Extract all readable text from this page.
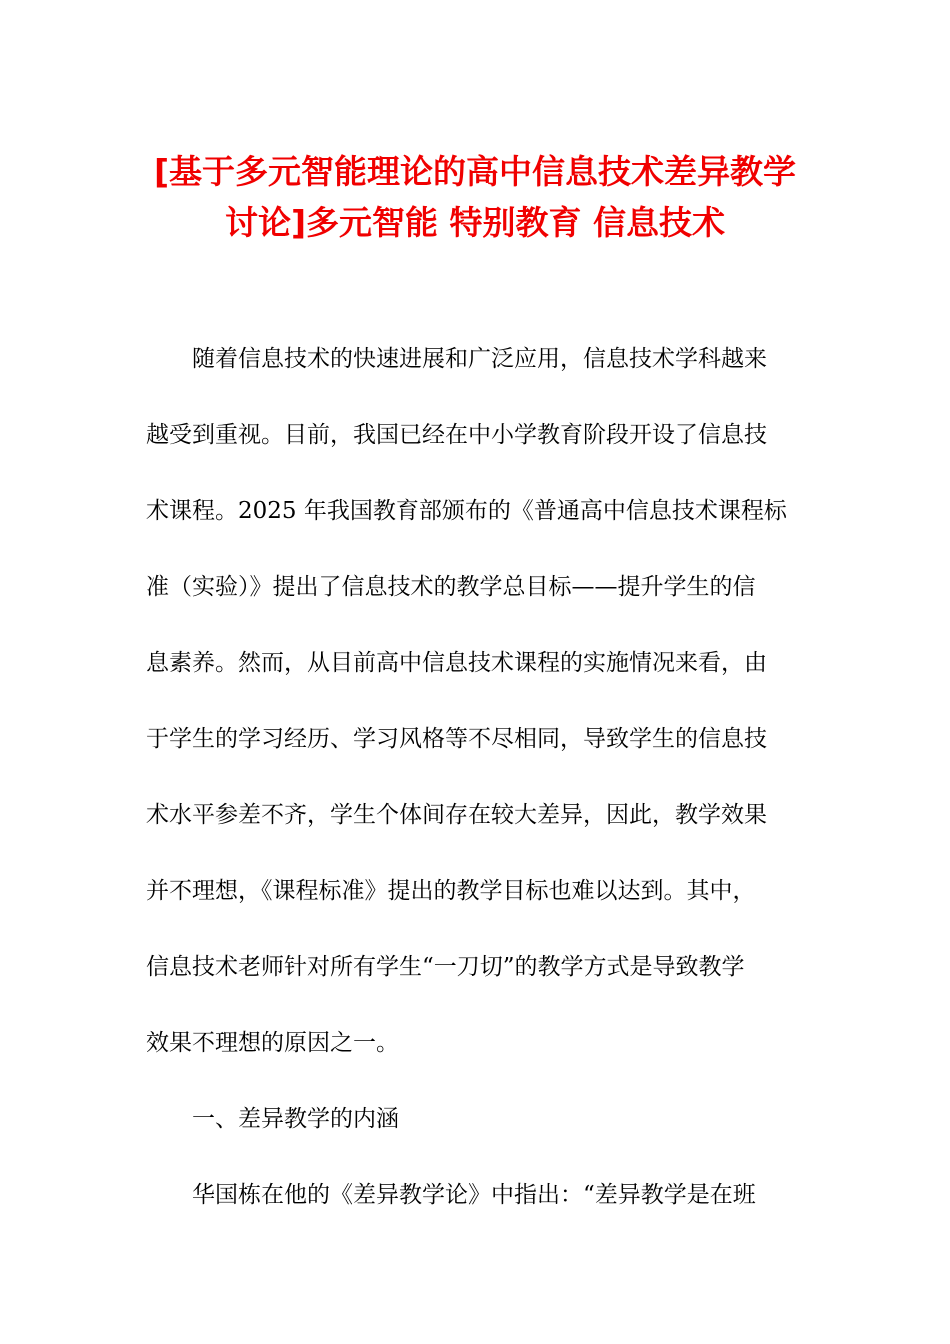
[基于多元智能理论的高中信息技术差异教学
讨论]多元智能 特别教育 信息技术
随着信息技术的快速进展和广泛应用，信息技术学科越来
越受到重视。目前，我国已经在中小学教育阶段开设了信息技
术课程。2025 年我国教育部颁布的《普通高中信息技术课程标
准（实验）》提出了信息技术的教学总目标——提升学生的信
息素养。然而，从目前高中信息技术课程的实施情况来看，由
于学生的学习经历、学习风格等不尽相同，导致学生的信息技
术水平参差不齐，学生个体间存在较大差异，因此，教学效果
并不理想，《课程标准》提出的教学目标也难以达到。其中，
信息技术老师针对所有学生“一刀切”的教学方式是导致教学
效果不理想的原因之一。
一、差异教学的内涵
华国栋在他的《差异教学论》中指出：“差异教学是在班
